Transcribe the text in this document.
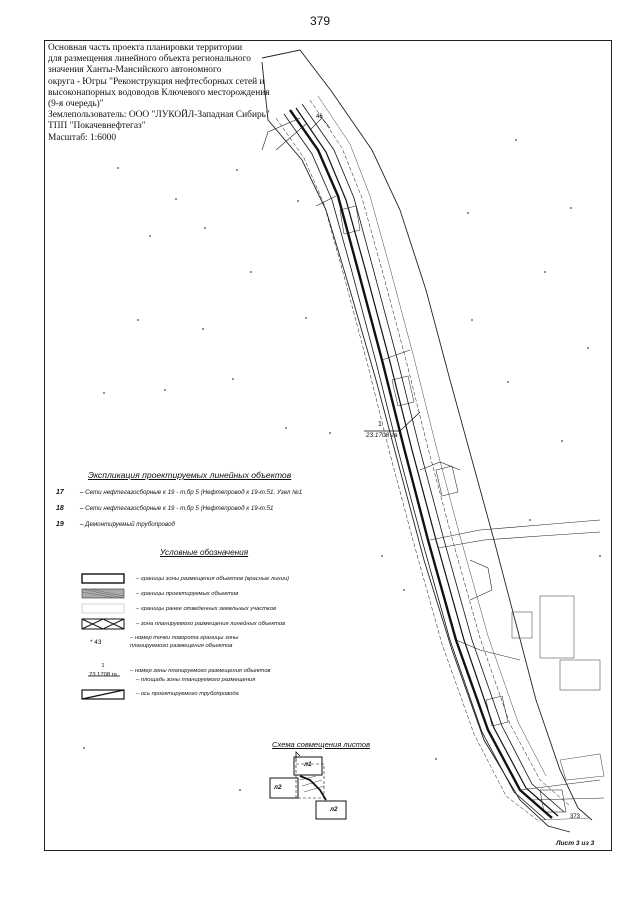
379
Основная часть проекта планировки территории
для размещения линейного объекта регионального
значения Ханты-Мансийского автономного
округа - Югры "Реконструкция нефтесборных сетей и
высоконапорных водоводов Ключевого месторождения
(9-я очередь)"
Землепользователь: ООО "ЛУКОЙЛ-Западная Сибирь"
ТПП "Покачевнефтегаз"
Масштаб: 1:6000
46
373
1
23.1708 га
Экспликация проектируемых линейных объектов
17	– Сети нефтегазосборные к 19 - т.бр 5 (Нефтепровод к 19-т.51. Узел №1
18	– Сети нефтегазосборные к 19 - т.бр 5 (Нефтепровод к 19-т.51
19	– Демонтируемый трубопровод
Условные обозначения
– границы зоны размещения объектов (красные линии)
– границы проектируемых объектов
– границы ранее отведенных земельных участков
– зона планируемого размещения линейных объектов
* 43
– номер точки поворота границы зоны планируемого размещения объектов
1
23.1708 га
– номер зоны планируемого размещения объектов
– площадь зоны планируемого размещения
– ось проектируемого трубопровода
Схема совмещения листов
л1
л2
л2
Лист 3 из 3
